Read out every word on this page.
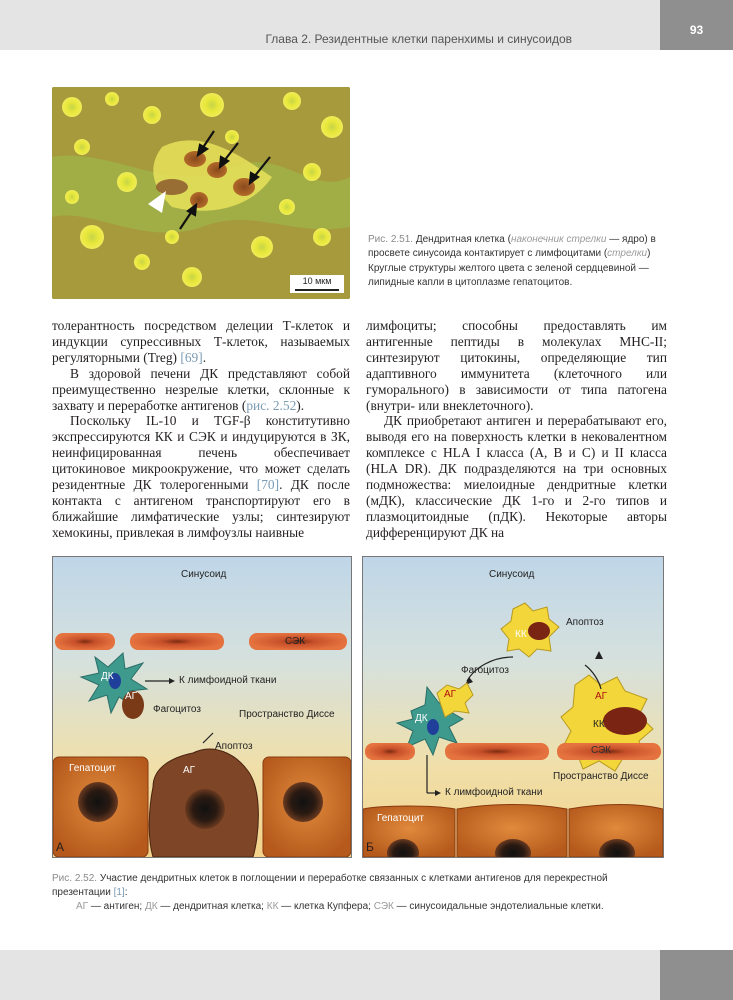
Глава 2. Резидентные клетки паренхимы и синусоидов
93
10 мкм
Рис. 2.51. Дендритная клетка (наконечник стрелки — ядро) в просвете синусоида контактирует с лимфоцитами (стрелки)
Круглые структуры желтого цвета с зеленой сердцевиной — липидные капли в цитоплазме гепатоцитов.

толерантность посредством делеции Т-клеток и индукции супрессивных Т-клеток, называемых регуляторными (Treg) [69].

В здоровой печени ДК представляют собой преимущественно незрелые клетки, склонные к захвату и переработке антигенов (рис. 2.52).

Поскольку IL-10 и TGF-β конститутивно экспрессируются КК и СЭК и индуцируются в ЗК, неинфицированная печень обеспечивает цитокиновое микроокружение, что может сделать резидентные ДК толерогенными [70]. ДК после контакта с антигеном транспортируют его в ближайшие лимфатические узлы; синтезируют хемокины, привлекая в лимфоузлы наивные

лимфоциты; способны предоставлять им антигенные пептиды в молекулах MHC-II; синтезируют цитокины, определяющие тип адаптивного иммунитета (клеточного или гуморального) в зависимости от типа патогена (внутри- или внеклеточного).

ДК приобретают антиген и перерабатывают его, выводя его на поверхность клетки в нековалентном комплексе с HLA I класса (A, B и C) и II класса (HLA DR). ДК подразделяются на три основных подмножества: миелоидные дендритные клетки (мДК), классические ДК 1-го и 2-го типов и плазмоцитоидные (пДК). Некоторые авторы дифференцируют ДК на

Синусоид
СЭК
ДК
АГ
К лимфоидной ткани
Фагоцитоз	Пространство Диссе
Апоптоз
АГ
Гепатоцит
А
Синусоид
КК
Апоптоз
Фагоцитоз
АГ
ДК
АГ
КК
СЭК
Пространство Диссе
К лимфоидной ткани
Гепатоцит
Б
Рис. 2.52. Участие дендритных клеток в поглощении и переработке связанных с клетками антигенов для перекрестной презентации [1]:
АГ — антиген; ДК — дендритная клетка; КК — клетка Купфера; СЭК — синусоидальные эндотелиальные клетки.
